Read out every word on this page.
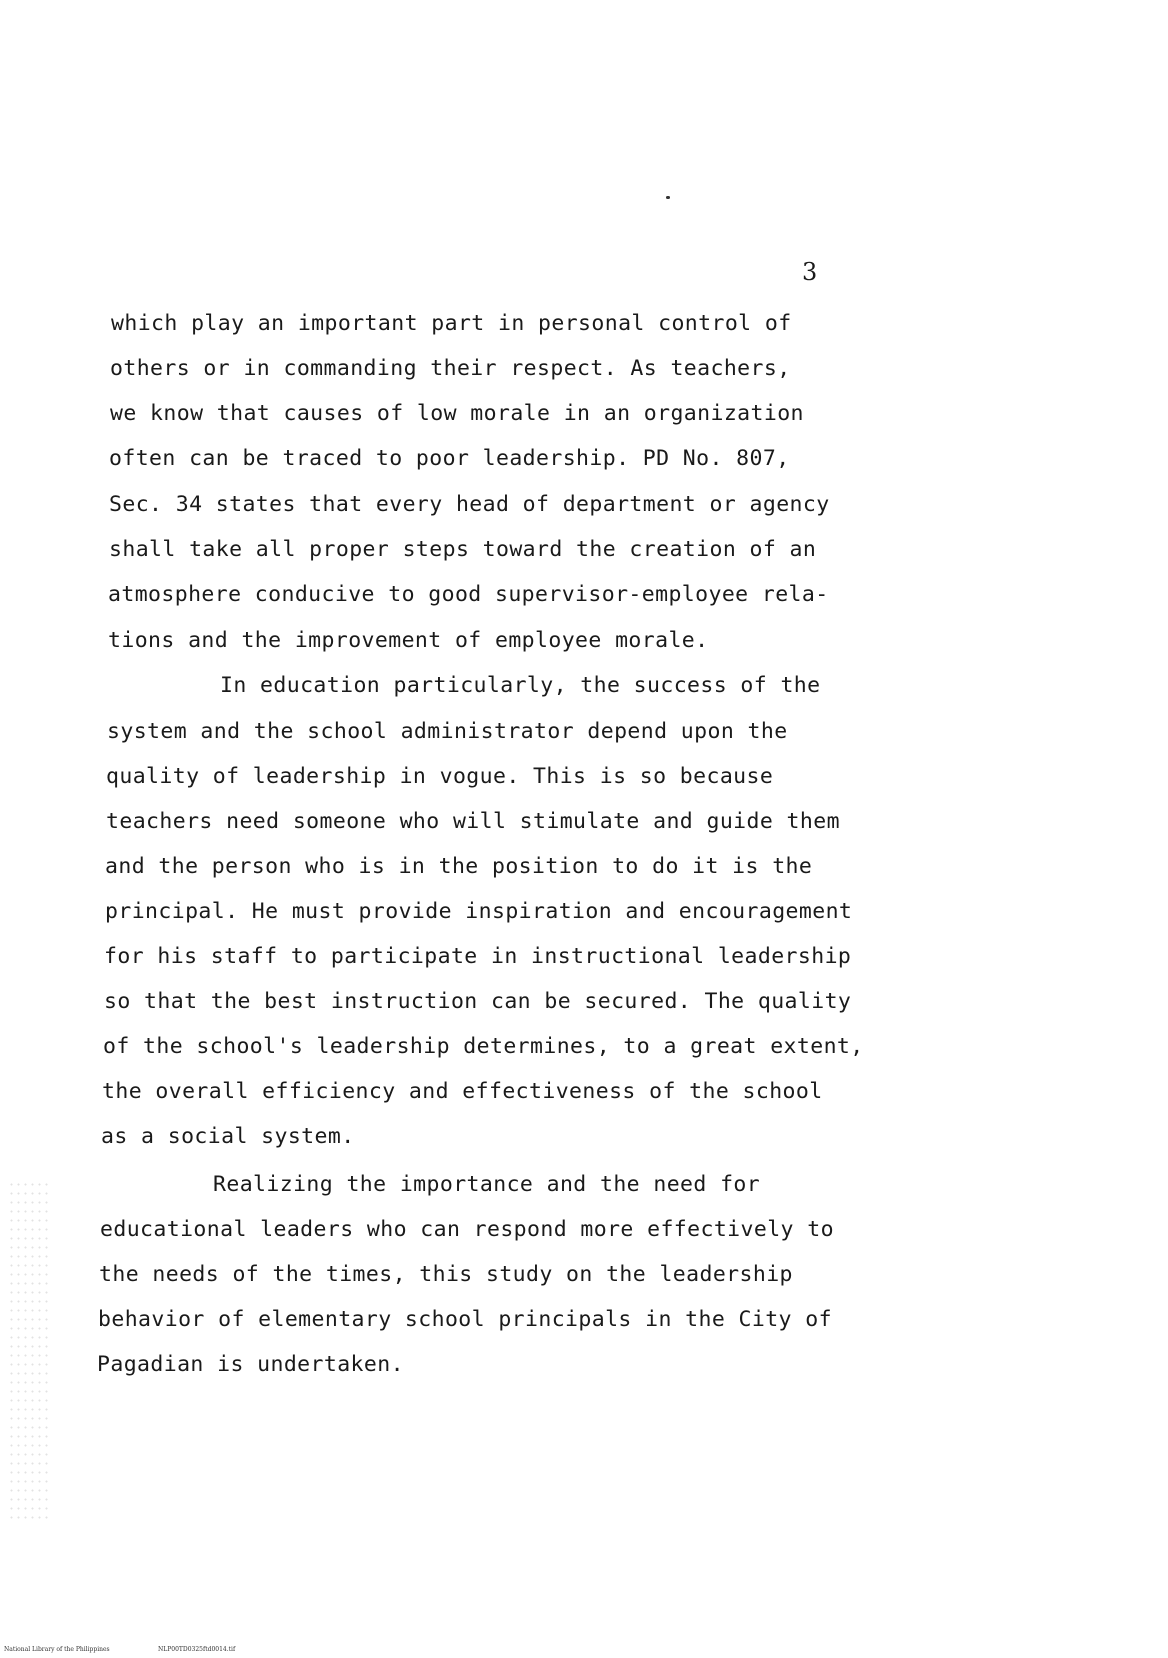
3
which play an important part in personal control of
others or in commanding their respect. As teachers,
we know that causes of low morale in an organization
often can be traced to poor leadership. PD No. 807,
Sec. 34 states that every head of department or agency
shall take all proper steps toward the creation of an
atmosphere conducive to good supervisor-employee rela-
tions and the improvement of employee morale.
In education particularly, the success of the
system and the school administrator depend upon the
quality of leadership in vogue. This is so because
teachers need someone who will stimulate and guide them
and the person who is in the position to do it is the
principal. He must provide inspiration and encouragement
for his staff to participate in instructional leadership
so that the best instruction can be secured. The quality
of the school's leadership determines, to a great extent,
the overall efficiency and effectiveness of the school
as a social system.
Realizing the importance and the need for
educational leaders who can respond more effectively to
the needs of the times, this study on the leadership
behavior of elementary school principals in the City of
Pagadian is undertaken.
National Library of the Philippines	NLP00TD0325ftd0014.tif
